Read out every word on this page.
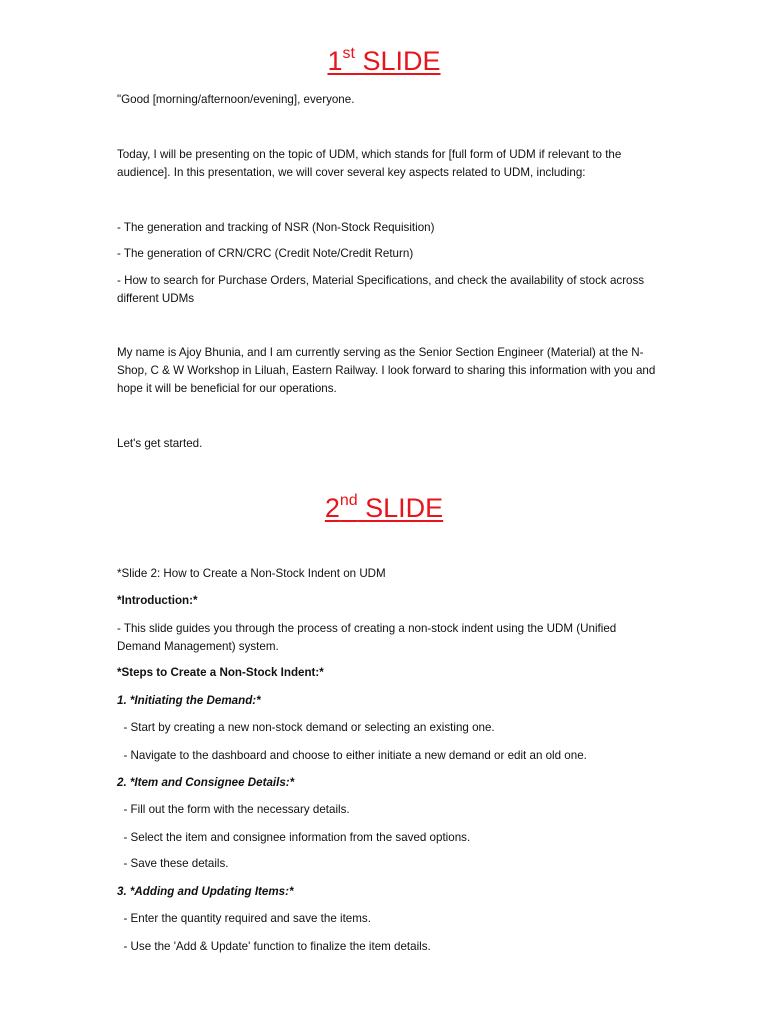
1st SLIDE
"Good [morning/afternoon/evening], everyone.
Today, I will be presenting on the topic of UDM, which stands for [full form of UDM if relevant to the audience]. In this presentation, we will cover several key aspects related to UDM, including:
- The generation and tracking of NSR (Non-Stock Requisition)
- The generation of CRN/CRC (Credit Note/Credit Return)
- How to search for Purchase Orders, Material Specifications, and check the availability of stock across different UDMs
My name is Ajoy Bhunia, and I am currently serving as the Senior Section Engineer (Material) at the N-Shop, C & W Workshop in Liluah, Eastern Railway. I look forward to sharing this information with you and hope it will be beneficial for our operations.
Let's get started.
2nd SLIDE
*Slide 2: How to Create a Non-Stock Indent on UDM
*Introduction:*
- This slide guides you through the process of creating a non-stock indent using the UDM (Unified Demand Management) system.
*Steps to Create a Non-Stock Indent:*
1. *Initiating the Demand:*
- Start by creating a new non-stock demand or selecting an existing one.
- Navigate to the dashboard and choose to either initiate a new demand or edit an old one.
2. *Item and Consignee Details:*
- Fill out the form with the necessary details.
- Select the item and consignee information from the saved options.
- Save these details.
3. *Adding and Updating Items:*
- Enter the quantity required and save the items.
- Use the 'Add & Update' function to finalize the item details.
